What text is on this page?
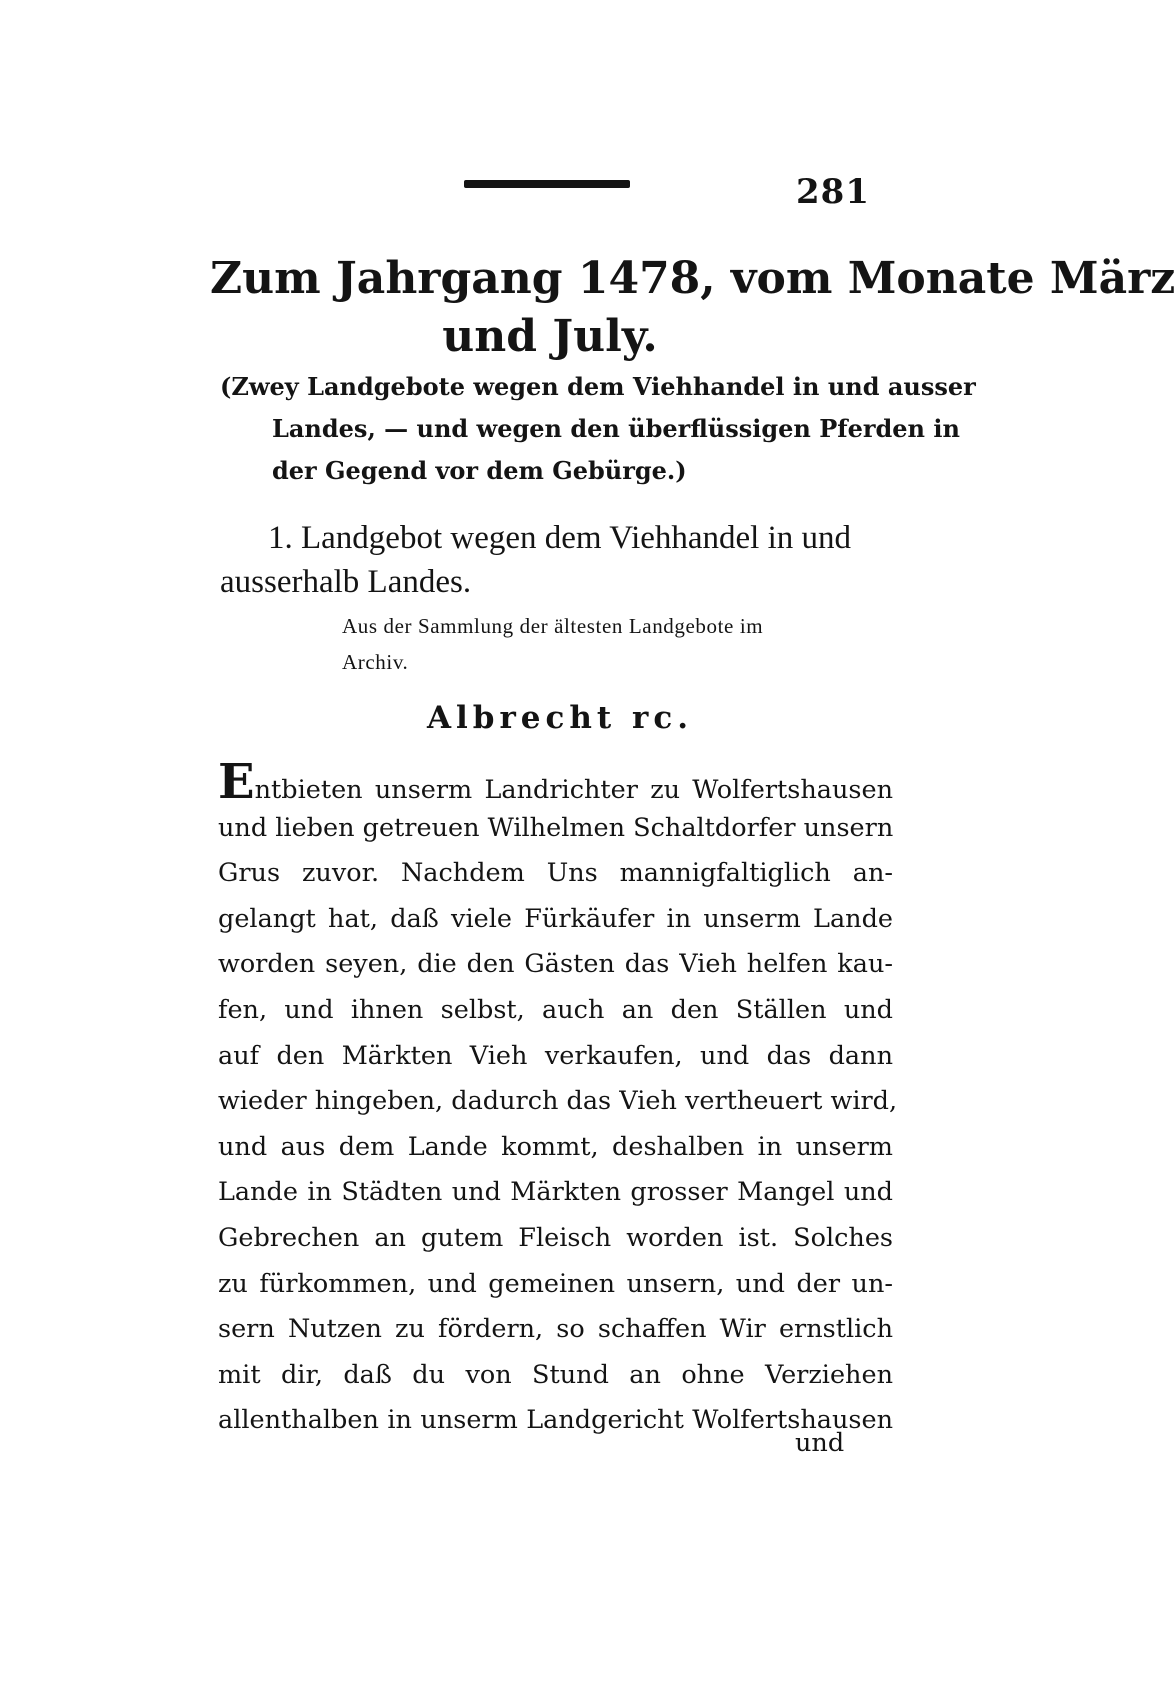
281
Zum Jahrgang 1478, vom Monate März
und July.
(Zwey Landgebote wegen dem Viehhandel in und ausser
Landes, — und wegen den überflüssigen Pferden in
der Gegend vor dem Gebürge.)
1. Landgebot wegen dem Viehhandel in und
ausserhalb Landes.
Aus der Sammlung der ältesten Landgebote im
Archiv.
Albrecht rc.
Entbieten unserm Landrichter zu Wolfertshausen
und lieben getreuen Wilhelmen Schaltdorfer unsern
Grus zuvor. Nachdem Uns mannigfaltiglich an-
gelangt hat, daß viele Fürkäufer in unserm Lande
worden seyen, die den Gästen das Vieh helfen kau-
fen, und ihnen selbst, auch an den Ställen und
auf den Märkten Vieh verkaufen, und das dann
wieder hingeben, dadurch das Vieh vertheuert wird,
und aus dem Lande kommt, deshalben in unserm
Lande in Städten und Märkten grosser Mangel und
Gebrechen an gutem Fleisch worden ist. Solches
zu fürkommen, und gemeinen unsern, und der un-
sern Nutzen zu fördern, so schaffen Wir ernstlich
mit dir, daß du von Stund an ohne Verziehen
allenthalben in unserm Landgericht Wolfertshausen
und
